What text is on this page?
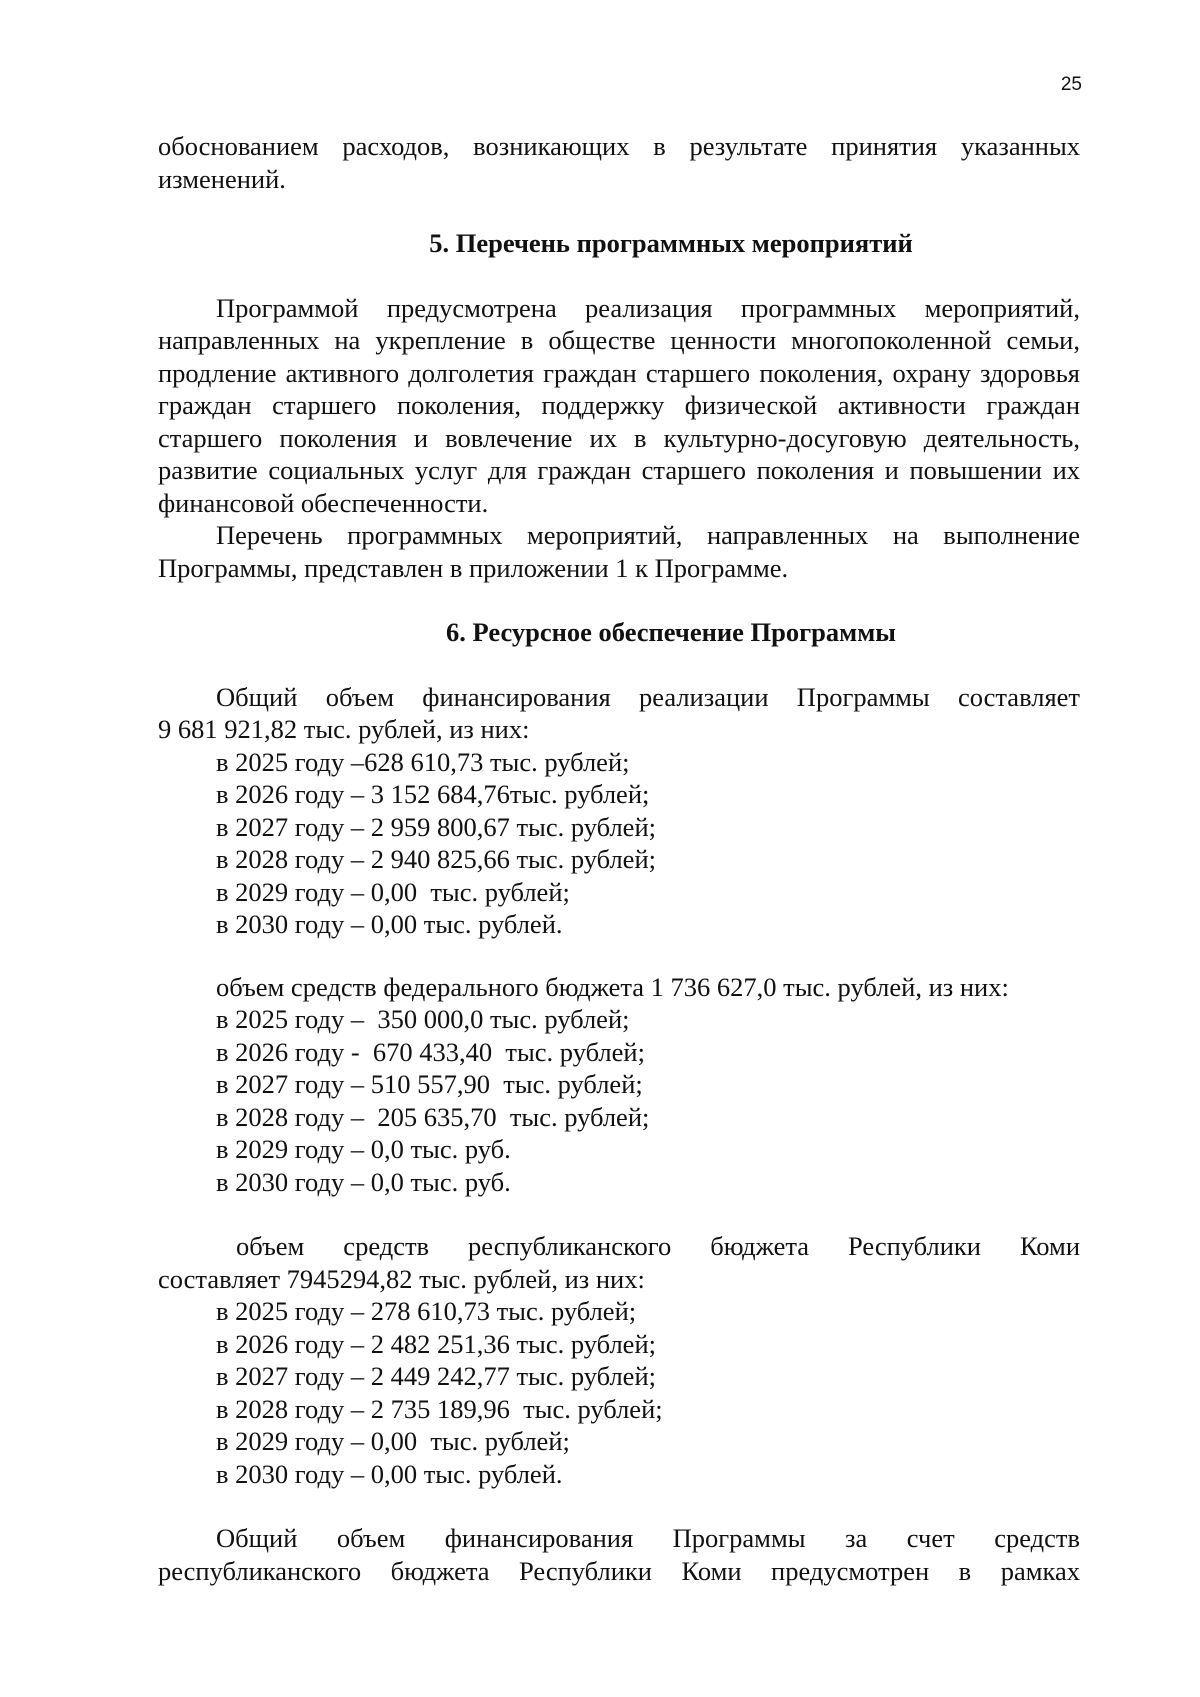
25

обоснованием расходов, возникающих в результате принятия указанных

изменений.

5. Перечень программных мероприятий

Программой предусмотрена реализация программных мероприятий, направленных на укрепление в обществе ценности многопоколенной семьи, продление активного долголетия граждан старшего поколения, охрану здоровья граждан старшего поколения, поддержку физической активности граждан старшего поколения и вовлечение их в культурно-досуговую деятельность, развитие социальных услуг для граждан старшего поколения и повышении их финансовой обеспеченности.

Перечень программных мероприятий, направленных на выполнение Программы, представлен в приложении 1 к Программе.

6. Ресурсное обеспечение Программы

Общий объем финансирования реализации Программы составляет

9 681 921,82 тыс. рублей, из них:

в 2025 году –628 610,73 тыс. рублей;

в 2026 году – 3 152 684,76тыс. рублей;

в 2027 году – 2 959 800,67 тыс. рублей;

в 2028 году – 2 940 825,66 тыс. рублей;

в 2029 году – 0,00  тыс. рублей;

в 2030 году – 0,00 тыс. рублей.

объем средств федерального бюджета 1 736 627,0 тыс. рублей, из них:

в 2025 году –  350 000,0 тыс. рублей;

в 2026 году -  670 433,40  тыс. рублей;

в 2027 году – 510 557,90  тыс. рублей;

в 2028 году –  205 635,70  тыс. рублей;

в 2029 году – 0,0 тыс. руб.

в 2030 году – 0,0 тыс. руб.

объем средств республиканского бюджета Республики Коми

составляет 7945294,82 тыс. рублей, из них:

в 2025 году – 278 610,73 тыс. рублей;

в 2026 году – 2 482 251,36 тыс. рублей;

в 2027 году – 2 449 242,77 тыс. рублей;

в 2028 году – 2 735 189,96  тыс. рублей;

в 2029 году – 0,00  тыс. рублей;

в 2030 году – 0,00 тыс. рублей.

Общий объем финансирования Программы за счет средств

республиканского бюджета Республики Коми предусмотрен в рамках
